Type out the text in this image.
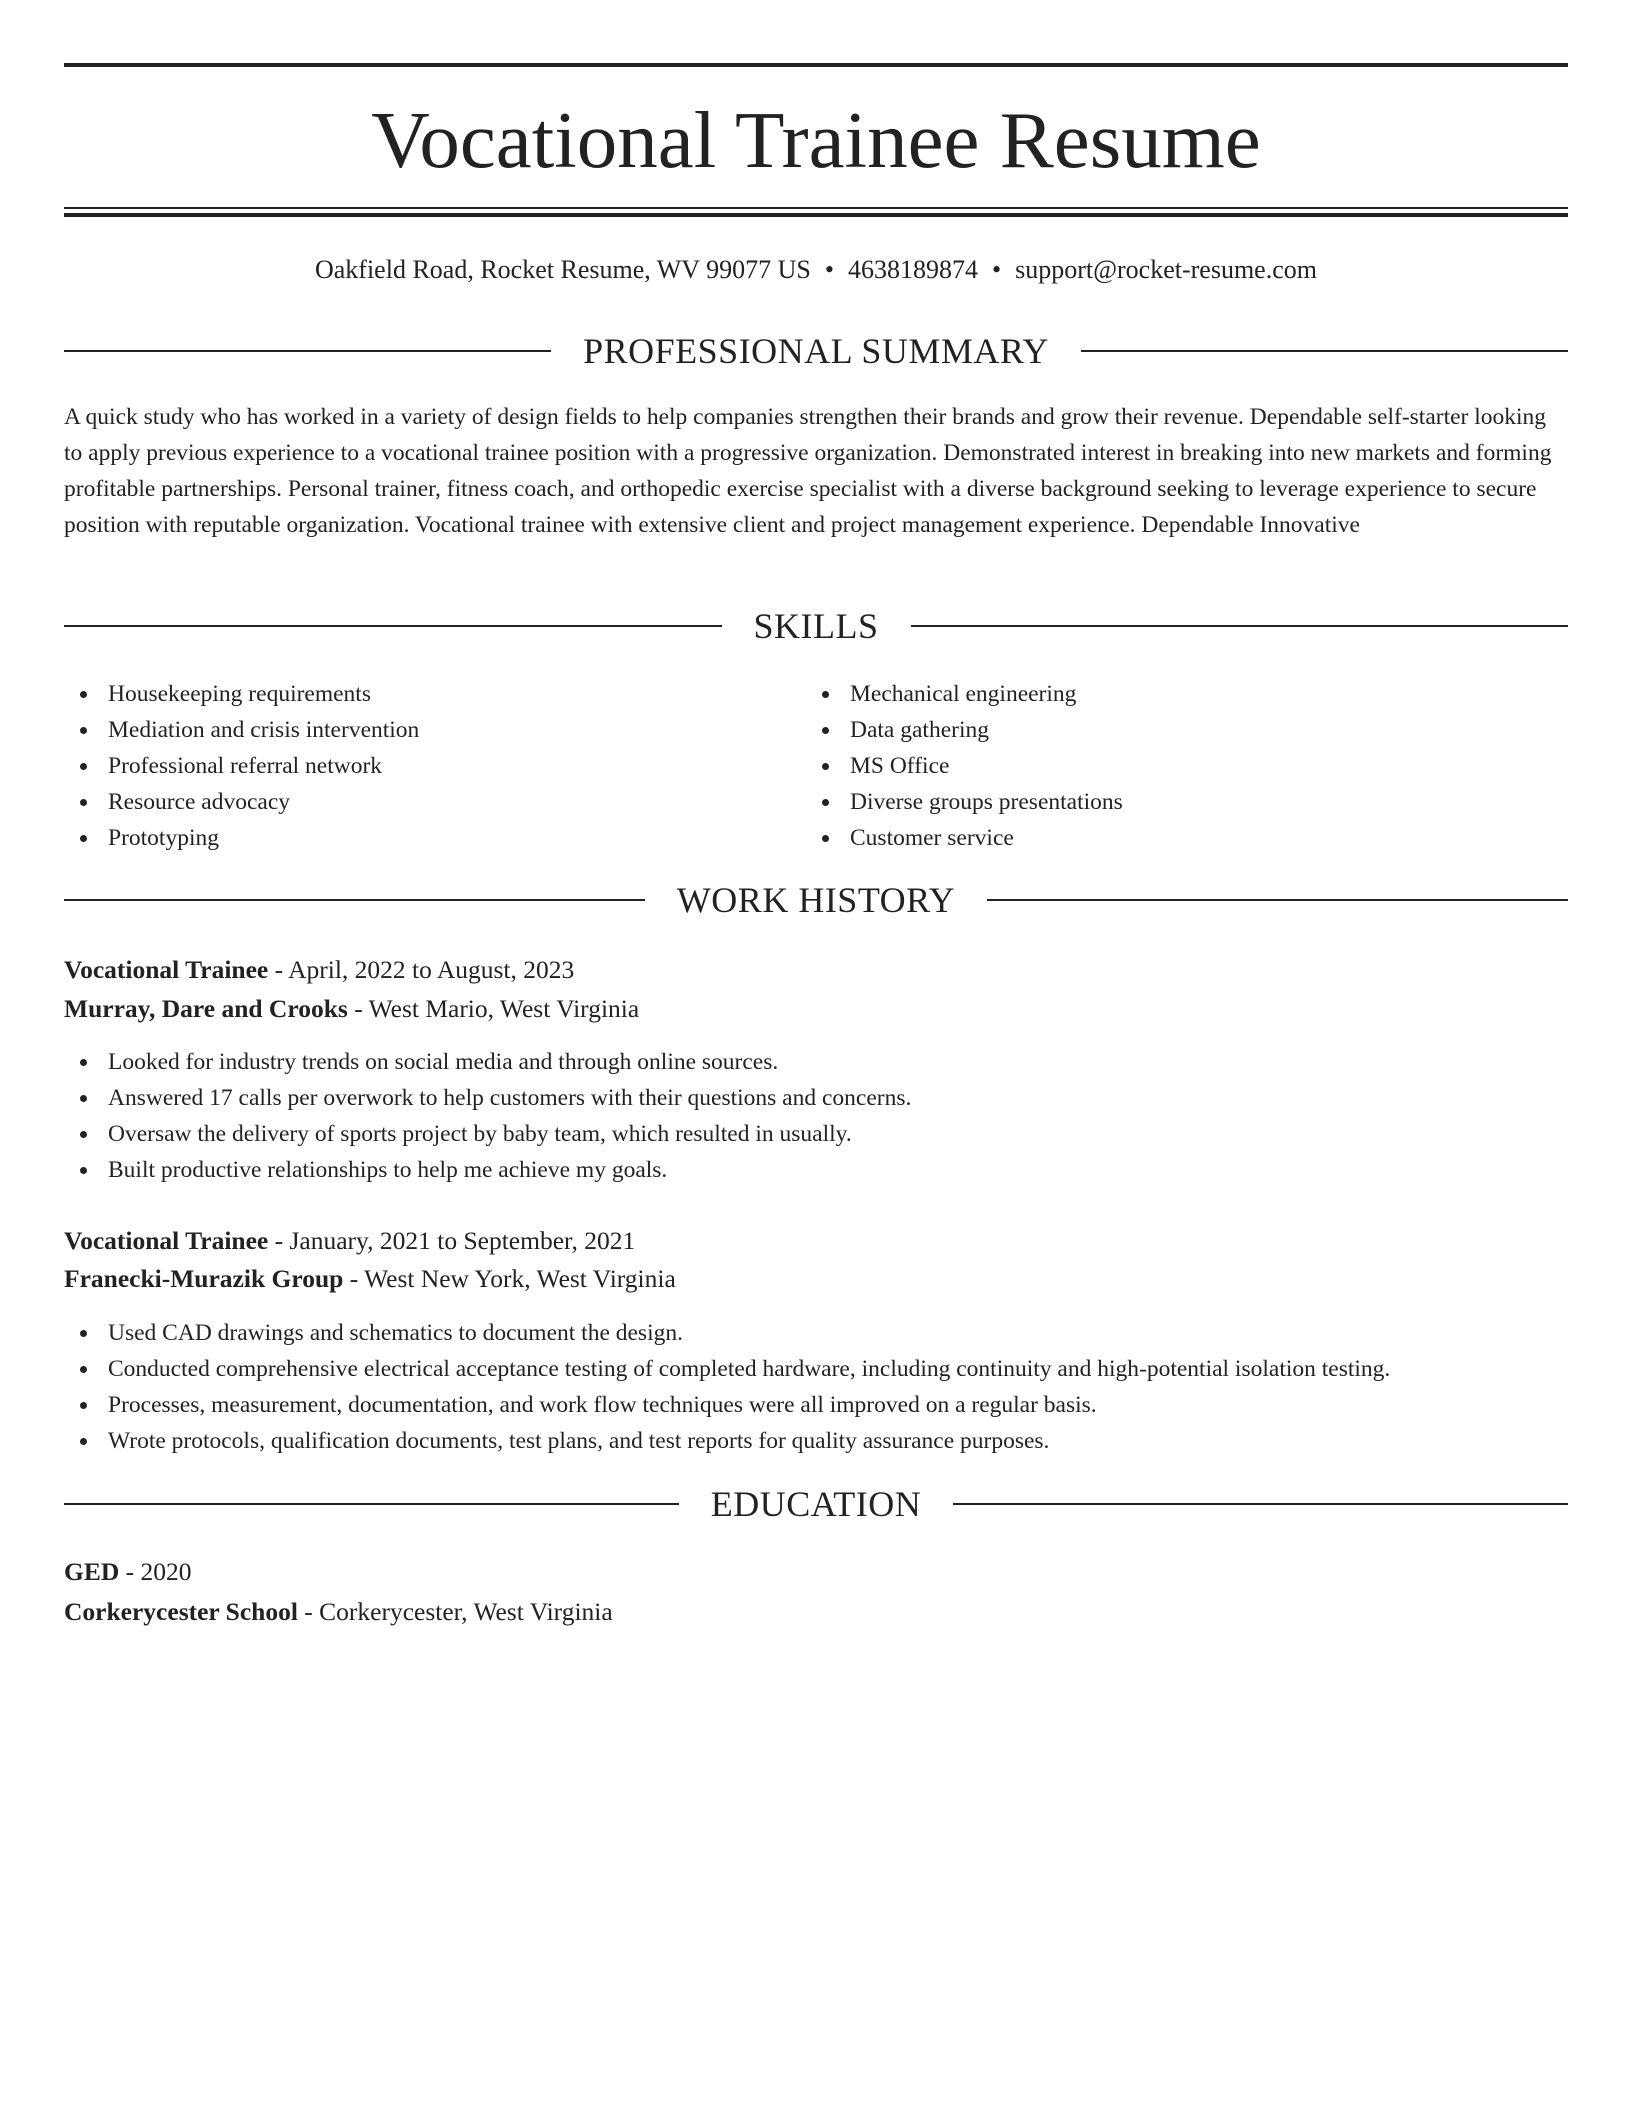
Vocational Trainee Resume
Oakfield Road, Rocket Resume, WV 99077 US • 4638189874 • support@rocket-resume.com
PROFESSIONAL SUMMARY

A quick study who has worked in a variety of design fields to help companies strengthen their brands and grow their revenue. Dependable self-starter looking to apply previous experience to a vocational trainee position with a progressive organization. Demonstrated interest in breaking into new markets and forming profitable partnerships. Personal trainer, fitness coach, and orthopedic exercise specialist with a diverse background seeking to leverage experience to secure position with reputable organization. Vocational trainee with extensive client and project management experience. Dependable Innovative

SKILLS
Housekeeping requirements
Mediation and crisis intervention
Professional referral network
Resource advocacy
Prototyping
Mechanical engineering
Data gathering
MS Office
Diverse groups presentations
Customer service
WORK HISTORY
Vocational Trainee - April, 2022 to August, 2023
Murray, Dare and Crooks - West Mario, West Virginia
Looked for industry trends on social media and through online sources.
Answered 17 calls per overwork to help customers with their questions and concerns.
Oversaw the delivery of sports project by baby team, which resulted in usually.
Built productive relationships to help me achieve my goals.
Vocational Trainee - January, 2021 to September, 2021
Franecki-Murazik Group - West New York, West Virginia
Used CAD drawings and schematics to document the design.
Conducted comprehensive electrical acceptance testing of completed hardware, including continuity and high-potential isolation testing.
Processes, measurement, documentation, and work flow techniques were all improved on a regular basis.
Wrote protocols, qualification documents, test plans, and test reports for quality assurance purposes.
EDUCATION
GED - 2020
Corkerycester School - Corkerycester, West Virginia
